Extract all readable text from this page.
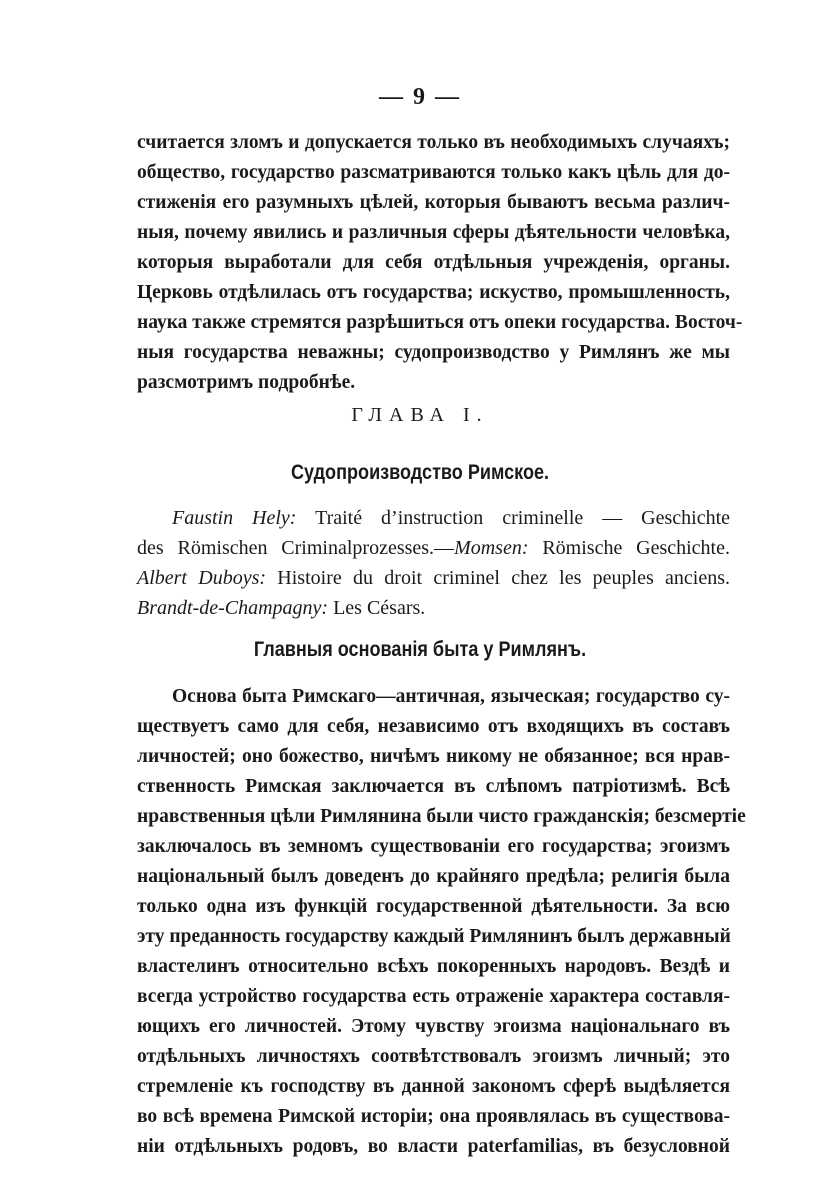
— 9 —
считается зломъ и допускается только въ необходимыхъ случаяхъ;
общество, государство разсматриваются только какъ цѣль для до-
стиженія его разумныхъ цѣлей, которыя бываютъ весьма различ-
ныя, почему явились и различныя сферы дѣятельности человѣка,
которыя выработали для себя отдѣльныя учрежденія, органы.
Церковь отдѣлилась отъ государства; искуство, промышленность,
наука также стремятся разрѣшиться отъ опеки государства. Восточ-
ныя государства неважны; судопроизводство у Римлянъ же мы
разсмотримъ подробнѣе.
ГЛАВА I.
Судопроизводство Римское.
Faustin Hely: Traité d’instruction criminelle — Geschichte
des Römischen Criminalprozesses.—Momsen: Römische Geschichte.
Albert Duboys: Histoire du droit criminel chez les peuples anciens.
Brandt-de-Champagny: Les Césars.
Главныя основанія быта у Римлянъ.
Основа быта Римскаго—античная, языческая; государство су-
ществуетъ само для себя, независимо отъ входящихъ въ составъ
личностей; оно божество, ничѣмъ никому не обязанное; вся нрав-
ственность Римская заключается въ слѣпомъ патріотизмѣ. Всѣ
нравственныя цѣли Римлянина были чисто гражданскія; безсмертіе
заключалось въ земномъ существованіи его государства; эгоизмъ
національный былъ доведенъ до крайняго предѣла; религія была
только одна изъ функцій государственной дѣятельности. За всю
эту преданность государству каждый Римлянинъ былъ державный
властелинъ относительно всѣхъ покоренныхъ народовъ. Вездѣ и
всегда устройство государства есть отраженіе характера составля-
ющихъ его личностей. Этому чувству эгоизма національнаго въ
отдѣльныхъ личностяхъ соотвѣтствовалъ эгоизмъ личный; это
стремленіе къ господству въ данной закономъ сферѣ выдѣляется
во всѣ времена Римской исторіи; она проявлялась въ существова-
ніи отдѣльныхъ родовъ, во власти paterfamilias, въ безусловной
